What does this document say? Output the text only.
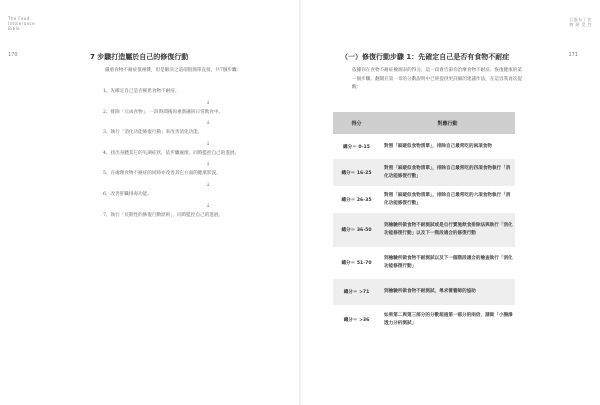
The Food
Intolerance
Bible
170	7 步驟打造屬於自己的修復行動
嚴重食物不耐症很複雜，但是解決之道卻很簡單直接，共7個步驟：
1、先確定自己是否罹患食物不耐症。
↓
2、排除「元凶食物」，一段時間後再重新融回日常飲食中。
↓
3、執行「消化功能修復行動」來改善消化功能。
↓
4、找出身體其它的失調症狀，依步驟處理，同時監控自己的進展。
↓
5、在處理食物不耐症的同時亦改善其它方面的健康狀況。
↓
6、改善肝臟排毒功能。
↓
7、執行「長期性的修復行動原則」，同時監控自己的進展。
巨蛋布丁食
物 耐 受 性
171
（一）修復行動步驟 1：先確定自己是否有食物不耐症
依據你在食物不耐症檢測表的得分，這一段會告訴你治療食物不耐症、恢復健康的第一個步驟。翻開在第一章的分數說明中已經提供更詳細的建議作法，在這容我再次提醒：
得分	對應行動
總分＝ 0-15	對照「麻疑似食物清單」，排除自己最常吃的兩項食物
總分＝ 16-25
對照「麻疑似食物清單」，排除自己最常吃的四項食物執行「消化功能修復行動」
總分＝ 26-35
對照「麻疑似食物清單」，排除自己最常吃的六項食物執行「消化功能修復行動」
總分＝ 36-50
到檢驗所做食物不耐測試或是自行實施飲食排除法與執行「消化功能修復行動」以及下一階段適合的修復行動
總分＝ 51-70
到檢驗所做食物不耐測試以及下一個階段適合的檢查執行「消化功能修復行動」
總分＝ >71	到檢驗所做食物不耐測試，尋求營養師的協助
總分＝ >36
如果第二與第三部分的分數超過第一部分的兩倍，請做「小腸滲透力分析測試」
